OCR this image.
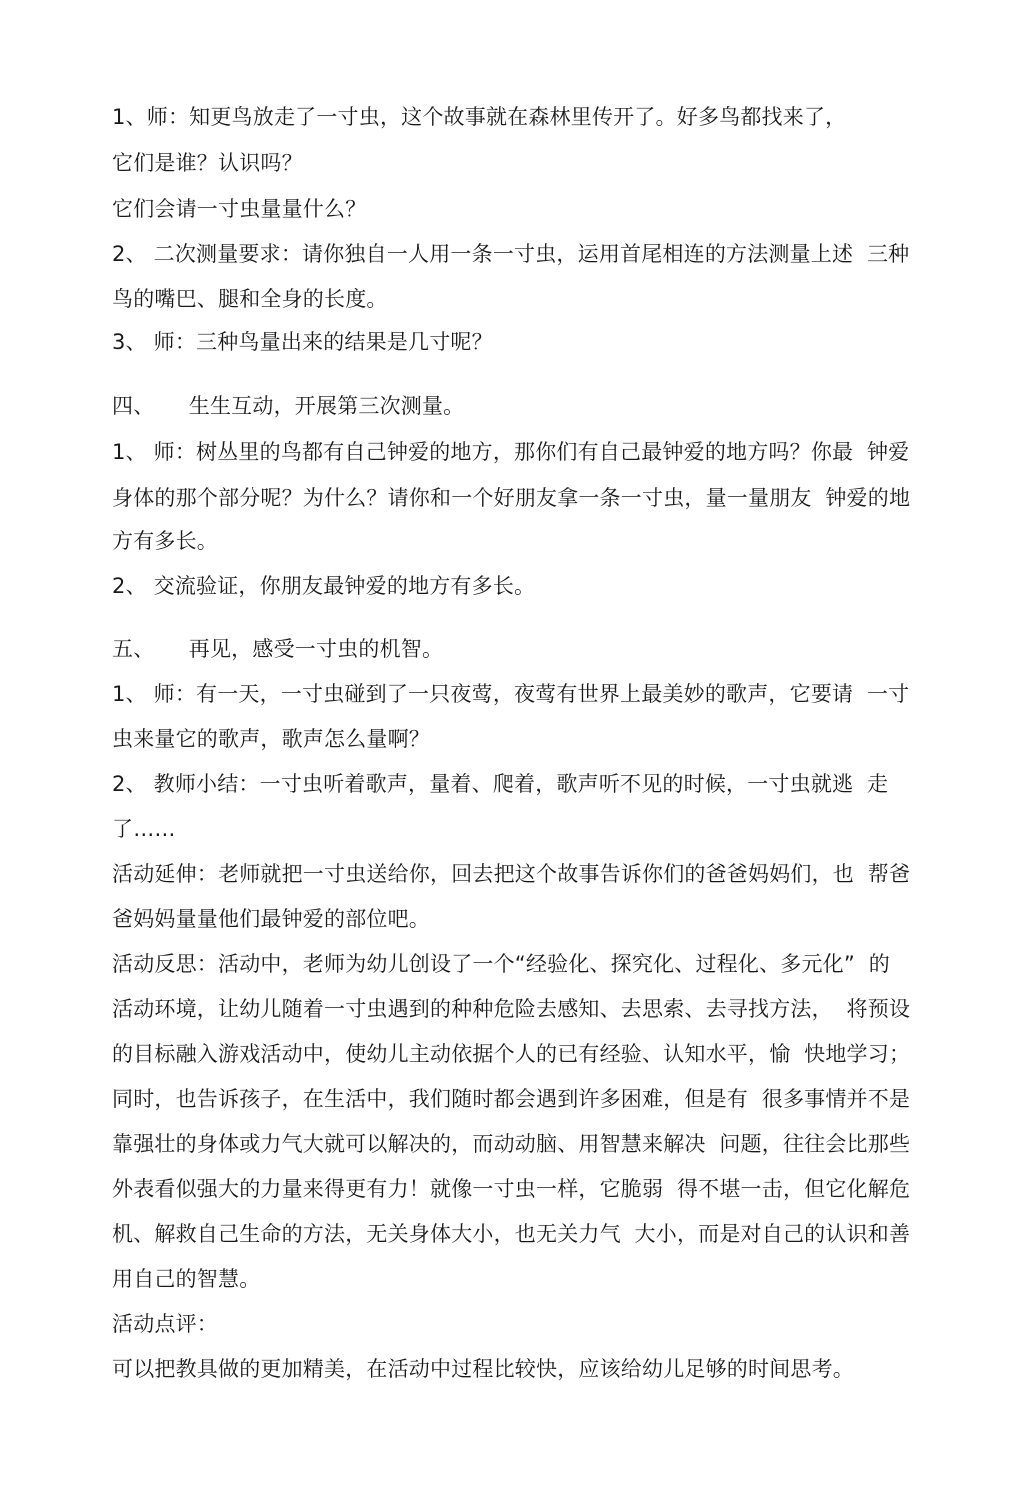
1、师：知更鸟放走了一寸虫，这个故事就在森林里传开了。好多鸟都找来了，
它们是谁？认识吗？
它们会请一寸虫量量什么？
2、 二次测量要求：请你独自一人用一条一寸虫，运用首尾相连的方法测量上述  三种
鸟的嘴巴、腿和全身的长度。
3、 师：三种鸟量出来的结果是几寸呢？
四、     生生互动，开展第三次测量。
1、 师：树丛里的鸟都有自己钟爱的地方，那你们有自己最钟爱的地方吗？你最  钟爱
身体的那个部分呢？为什么？请你和一个好朋友拿一条一寸虫，量一量朋友  钟爱的地
方有多长。
2、 交流验证，你朋友最钟爱的地方有多长。
五、     再见，感受一寸虫的机智。
1、 师：有一天，一寸虫碰到了一只夜莺，夜莺有世界上最美妙的歌声，它要请  一寸
虫来量它的歌声，歌声怎么量啊？
2、 教师小结：一寸虫听着歌声，量着、爬着，歌声听不见的时候，一寸虫就逃  走
了……
活动延伸：老师就把一寸虫送给你，回去把这个故事告诉你们的爸爸妈妈们，也  帮爸
爸妈妈量量他们最钟爱的部位吧。
活动反思：活动中，老师为幼儿创设了一个“经验化、探究化、过程化、多元化”  的
活动环境，让幼儿随着一寸虫遇到的种种危险去感知、去思索、去寻找方法，  将预设
的目标融入游戏活动中，使幼儿主动依据个人的已有经验、认知水平，愉  快地学习；
同时，也告诉孩子，在生活中，我们随时都会遇到许多困难，但是有  很多事情并不是
靠强壮的身体或力气大就可以解决的，而动动脑、用智慧来解决  问题，往往会比那些
外表看似强大的力量来得更有力！就像一寸虫一样，它脆弱  得不堪一击，但它化解危
机、解救自己生命的方法，无关身体大小，也无关力气  大小，而是对自己的认识和善
用自己的智慧。
活动点评：
可以把教具做的更加精美，在活动中过程比较快，应该给幼儿足够的时间思考。
